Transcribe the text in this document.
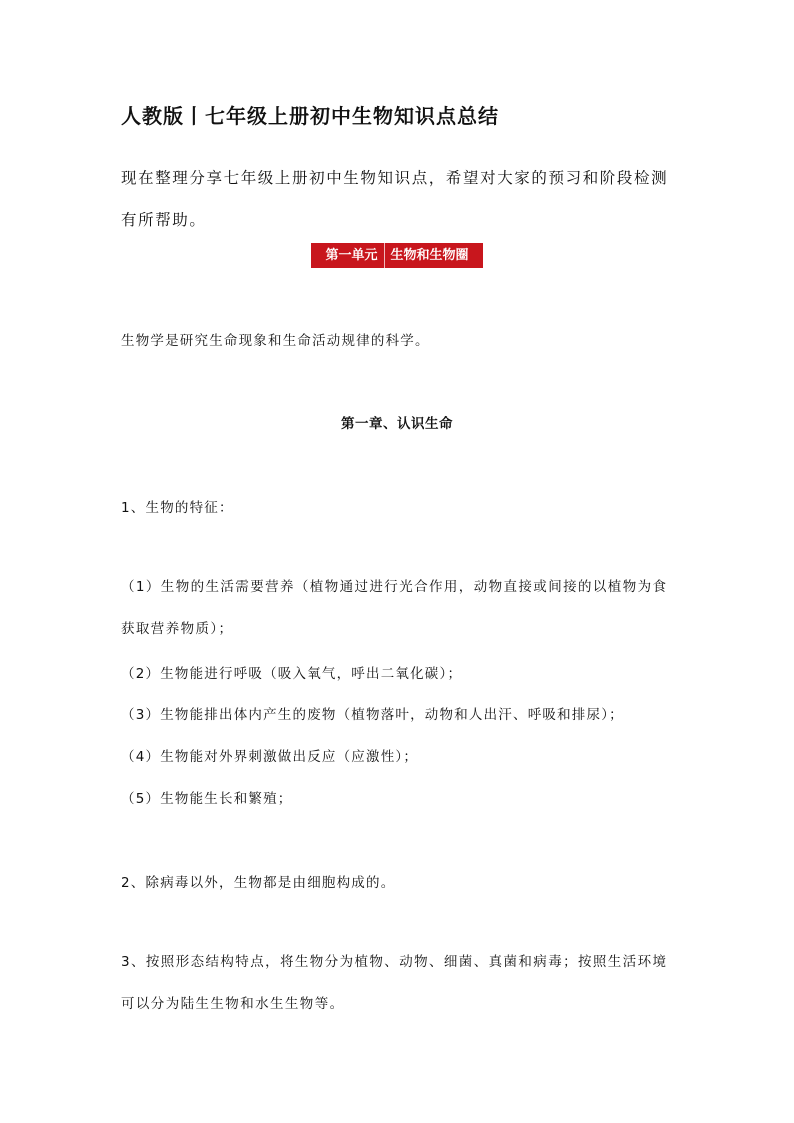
人教版丨七年级上册初中生物知识点总结
现在整理分享七年级上册初中生物知识点，希望对大家的预习和阶段检测有所帮助。
第一单元 生物和生物圈
生物学是研究生命现象和生命活动规律的科学。
第一章、认识生命
1、生物的特征：
（1）生物的生活需要营养（植物通过进行光合作用，动物直接或间接的以植物为食获取营养物质）；
（2）生物能进行呼吸（吸入氧气，呼出二氧化碳）；
（3）生物能排出体内产生的废物（植物落叶，动物和人出汗、呼吸和排尿）；
（4）生物能对外界刺激做出反应（应激性）；
（5）生物能生长和繁殖；
2、除病毒以外，生物都是由细胞构成的。
3、按照形态结构特点，将生物分为植物、动物、细菌、真菌和病毒；按照生活环境可以分为陆生生物和水生生物等。
